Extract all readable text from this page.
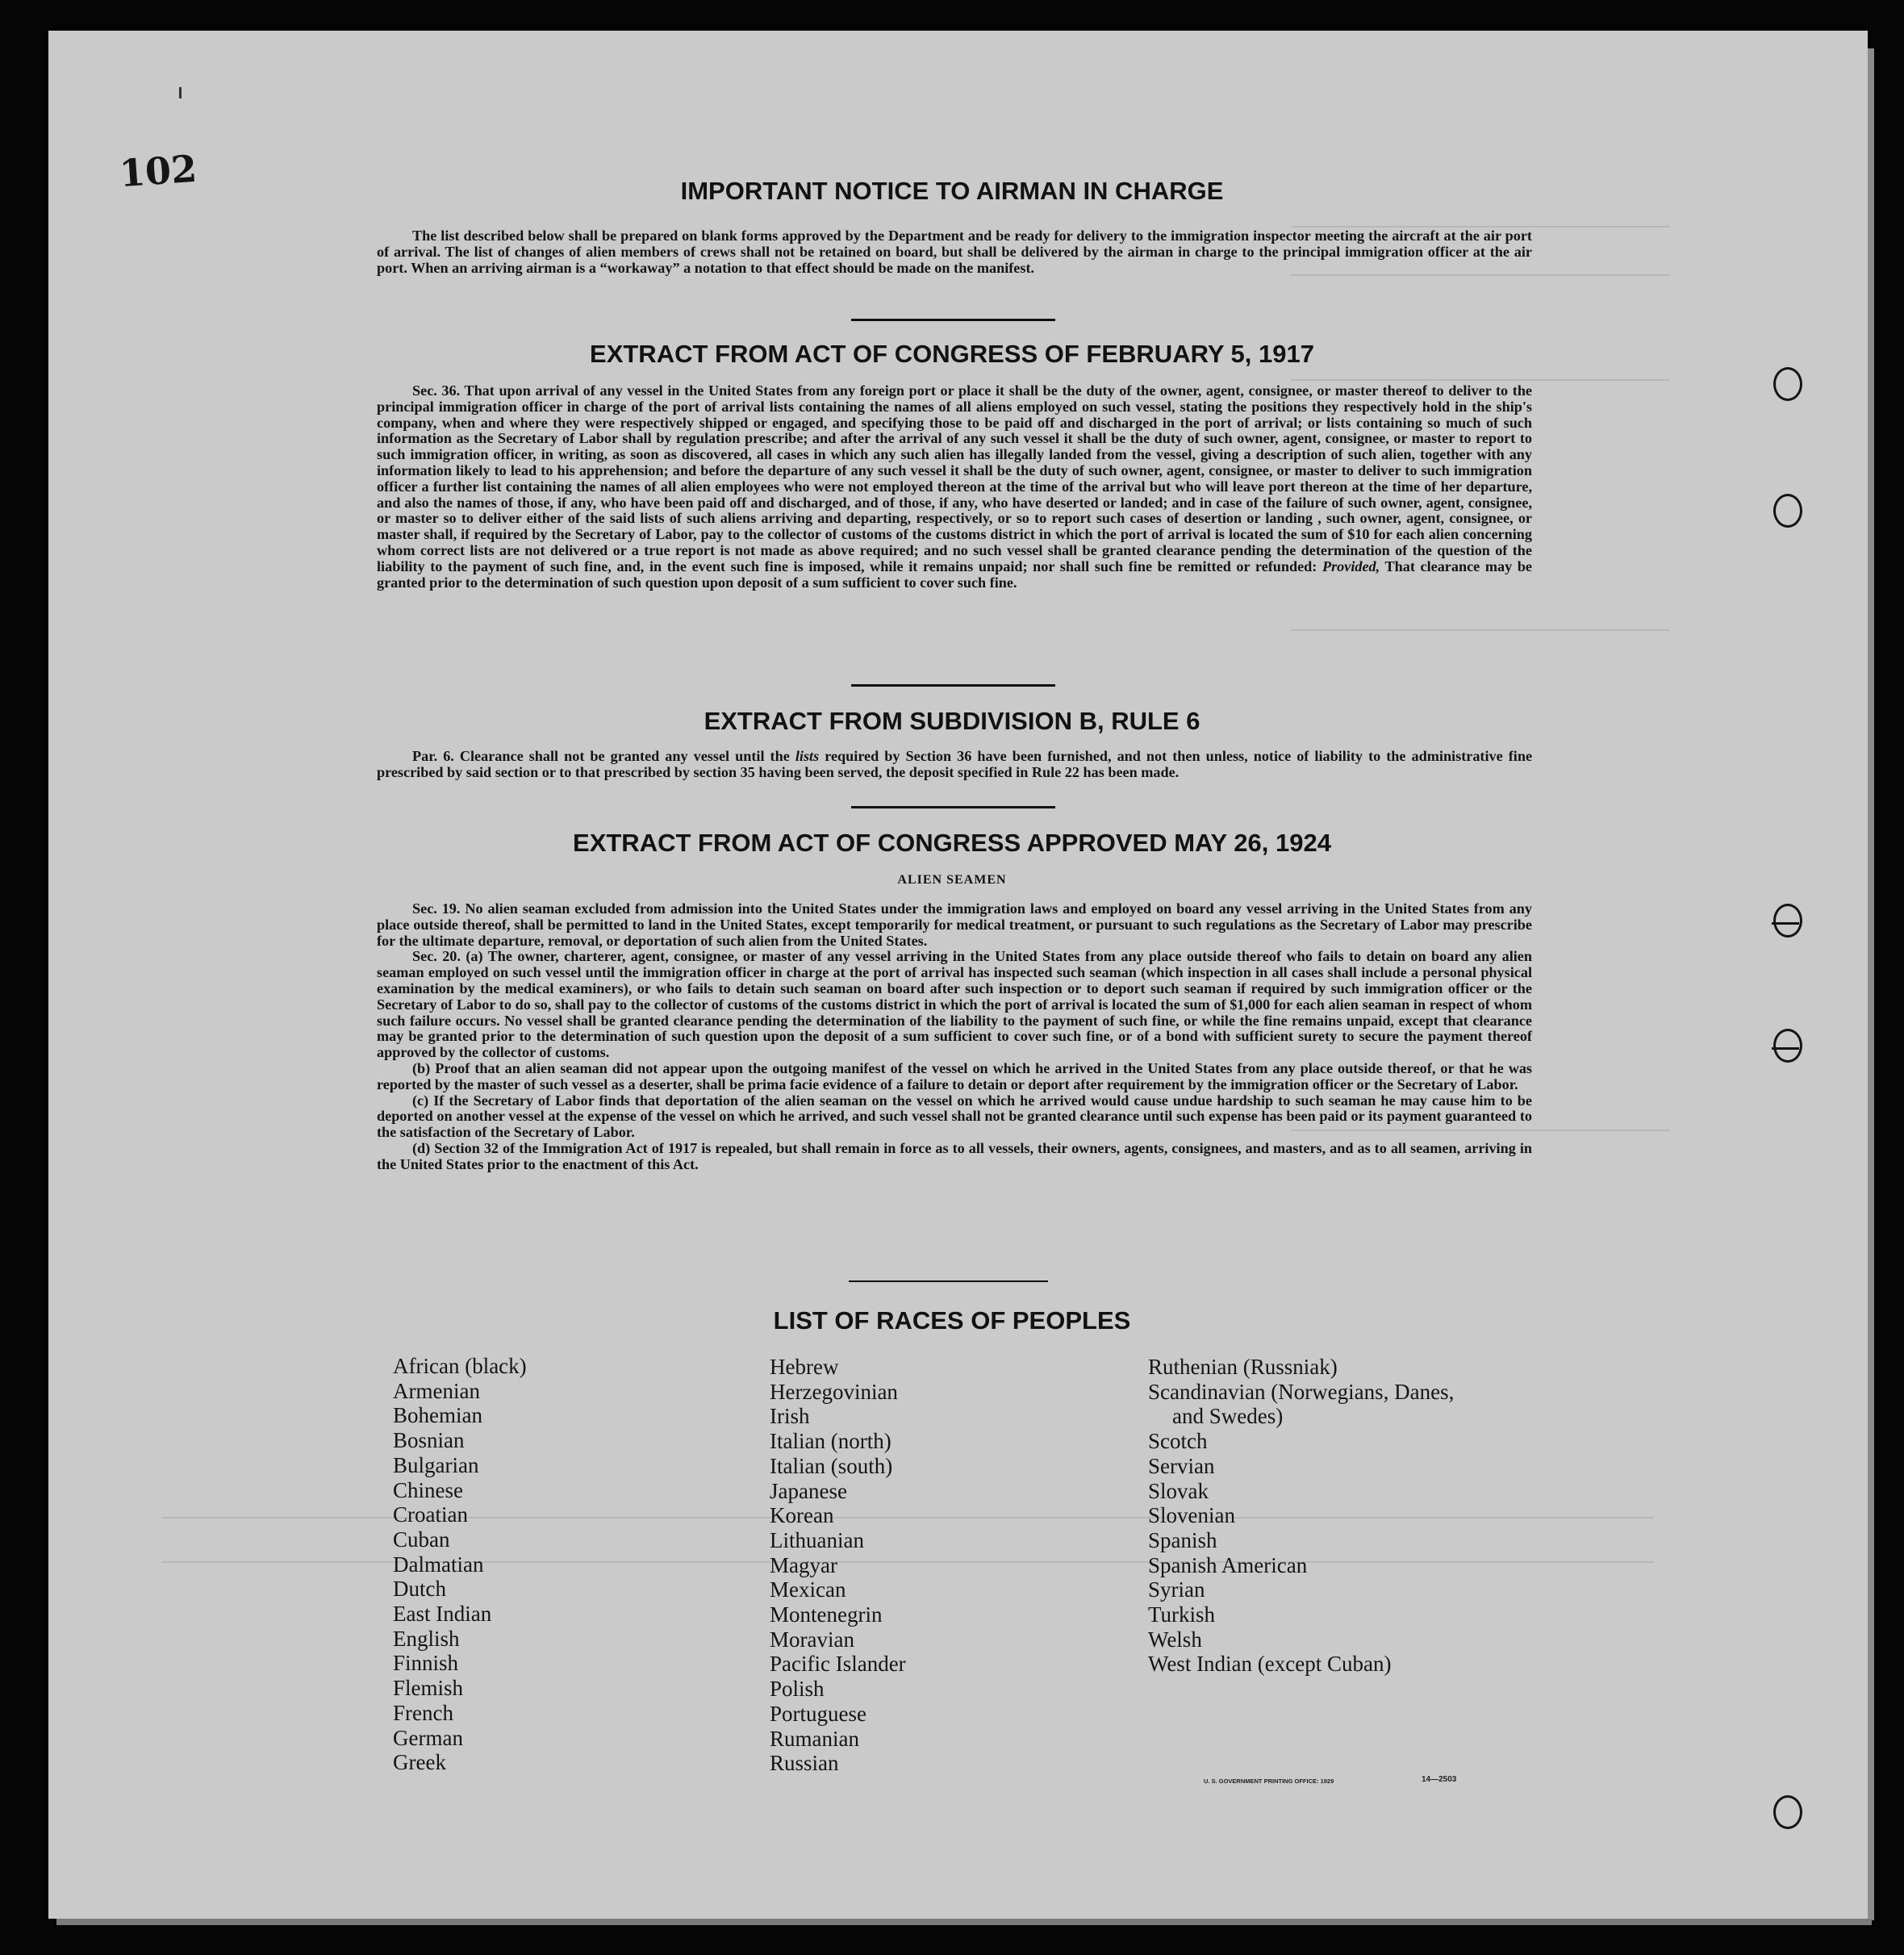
102	IMPORTANT NOTICE TO AIRMAN IN CHARGE

The list described below shall be prepared on blank forms approved by the Department and be ready for delivery to the immigration inspector meeting the aircraft at the air port of arrival. The list of changes of alien members of crews shall not be retained on board, but shall be delivered by the airman in charge to the principal immigration officer at the air port. When an arriving airman is a “workaway” a notation to that effect should be made on the manifest.

EXTRACT FROM ACT OF CONGRESS OF FEBRUARY 5, 1917

Sec. 36. That upon arrival of any vessel in the United States from any foreign port or place it shall be the duty of the owner, agent, consignee, or master thereof to deliver to the principal immigration officer in charge of the port of arrival lists containing the names of all aliens employed on such vessel, stating the positions they respectively hold in the ship's company, when and where they were respectively shipped or engaged, and specifying those to be paid off and discharged in the port of arrival; or lists containing so much of such information as the Secretary of Labor shall by regulation prescribe; and after the arrival of any such vessel it shall be the duty of such owner, agent, consignee, or master to report to such immigration officer, in writing, as soon as discovered, all cases in which any such alien has illegally landed from the vessel, giving a description of such alien, together with any information likely to lead to his apprehension; and before the departure of any such vessel it shall be the duty of such owner, agent, consignee, or master to deliver to such immigration officer a further list containing the names of all alien employees who were not employed thereon at the time of the arrival but who will leave port thereon at the time of her departure, and also the names of those, if any, who have been paid off and discharged, and of those, if any, who have deserted or landed; and in case of the failure of such owner, agent, consignee, or master so to deliver either of the said lists of such aliens arriving and departing, respectively, or so to report such cases of desertion or landing , such owner, agent, consignee, or master shall, if required by the Secretary of Labor, pay to the collector of customs of the customs district in which the port of arrival is located the sum of $10 for each alien concerning whom correct lists are not delivered or a true report is not made as above required; and no such vessel shall be granted clearance pending the determination of the question of the liability to the payment of such fine, and, in the event such fine is imposed, while it remains unpaid; nor shall such fine be remitted or refunded: Provided, That clearance may be granted prior to the determination of such question upon deposit of a sum sufficient to cover such fine.

EXTRACT FROM SUBDIVISION B, RULE 6

Par. 6. Clearance shall not be granted any vessel until the lists required by Section 36 have been furnished, and not then unless, notice of liability to the administrative fine prescribed by said section or to that prescribed by section 35 having been served, the deposit specified in Rule 22 has been made.

EXTRACT FROM ACT OF CONGRESS APPROVED MAY 26, 1924
ALIEN SEAMEN

Sec. 19. No alien seaman excluded from admission into the United States under the immigration laws and employed on board any vessel arriving in the United States from any place outside thereof, shall be permitted to land in the United States, except temporarily for medical treatment, or pursuant to such regulations as the Secretary of Labor may prescribe for the ultimate departure, removal, or deportation of such alien from the United States.

Sec. 20. (a) The owner, charterer, agent, consignee, or master of any vessel arriving in the United States from any place outside thereof who fails to detain on board any alien seaman employed on such vessel until the immigration officer in charge at the port of arrival has inspected such seaman (which inspection in all cases shall include a personal physical examination by the medical examiners), or who fails to detain such seaman on board after such inspection or to deport such seaman if required by such immigration officer or the Secretary of Labor to do so, shall pay to the collector of customs of the customs district in which the port of arrival is located the sum of $1,000 for each alien seaman in respect of whom such failure occurs. No vessel shall be granted clearance pending the determination of the liability to the payment of such fine, or while the fine remains unpaid, except that clearance may be granted prior to the determination of such question upon the deposit of a sum sufficient to cover such fine, or of a bond with sufficient surety to secure the payment thereof approved by the collector of customs.

(b) Proof that an alien seaman did not appear upon the outgoing manifest of the vessel on which he arrived in the United States from any place outside thereof, or that he was reported by the master of such vessel as a deserter, shall be prima facie evidence of a failure to detain or deport after requirement by the immigration officer or the Secretary of Labor.

(c) If the Secretary of Labor finds that deportation of the alien seaman on the vessel on which he arrived would cause undue hardship to such seaman he may cause him to be deported on another vessel at the expense of the vessel on which he arrived, and such vessel shall not be granted clearance until such expense has been paid or its payment guaranteed to the satisfaction of the Secretary of Labor.

(d) Section 32 of the Immigration Act of 1917 is repealed, but shall remain in force as to all vessels, their owners, agents, consignees, and masters, and as to all seamen, arriving in the United States prior to the enactment of this Act.

LIST OF RACES OF PEOPLES
African (black)
Armenian
Bohemian
Bosnian
Bulgarian
Chinese
Croatian
Cuban
Dalmatian
Dutch
East Indian
English
Finnish
Flemish
French
German
Greek
Hebrew
Herzegovinian
Irish
Italian (north)
Italian (south)
Japanese
Korean
Lithuanian
Magyar
Mexican
Montenegrin
Moravian
Pacific Islander
Polish
Portuguese
Rumanian
Russian
Ruthenian (Russniak)
Scandinavian (Norwegians, Danes,
and Swedes)
Scotch
Servian
Slovak
Slovenian
Spanish
Spanish American
Syrian
Turkish
Welsh
West Indian (except Cuban)
U. S. GOVERNMENT PRINTING OFFICE: 1929	14—2503
